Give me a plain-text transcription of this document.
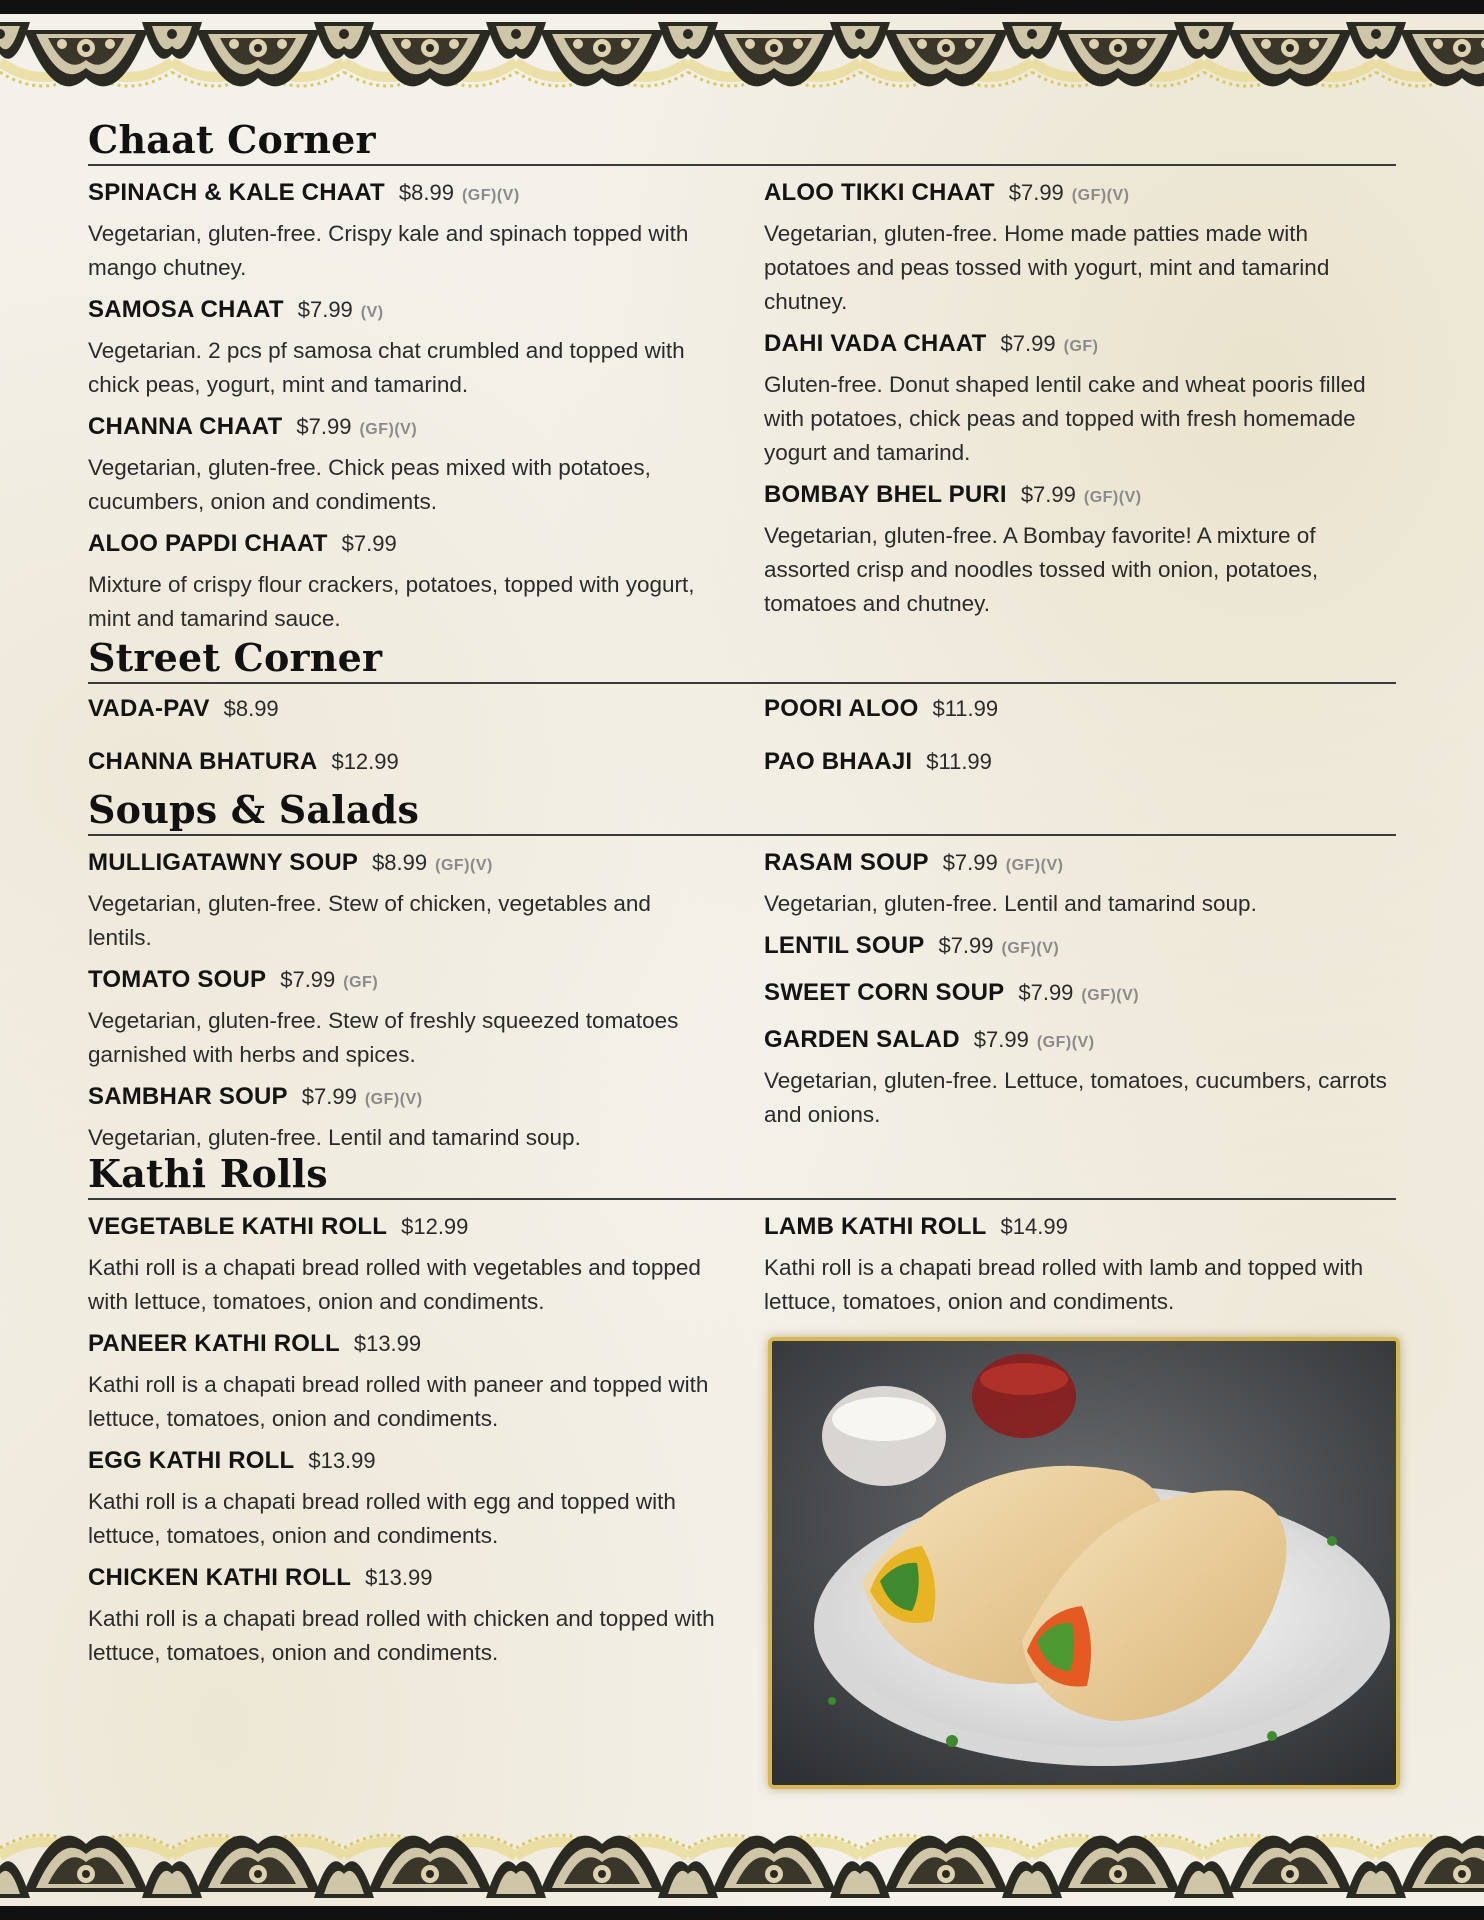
Chaat Corner
SPINACH & KALE CHAAT $8.99 (GF)(V)

Vegetarian, gluten-free. Crispy kale and spinach topped with mango chutney.

SAMOSA CHAAT $7.99 (V)

Vegetarian. 2 pcs pf samosa chat crumbled and topped with chick peas, yogurt, mint and tamarind.

CHANNA CHAAT $7.99 (GF)(V)

Vegetarian, gluten-free. Chick peas mixed with potatoes, cucumbers, onion and condiments.

ALOO PAPDI CHAAT $7.99

Mixture of crispy flour crackers, potatoes, topped with yogurt, mint and tamarind sauce.

ALOO TIKKI CHAAT $7.99 (GF)(V)

Vegetarian, gluten-free. Home made patties made with potatoes and peas tossed with yogurt, mint and tamarind chutney.

DAHI VADA CHAAT $7.99 (GF)

Gluten-free. Donut shaped lentil cake and wheat pooris filled with potatoes, chick peas and topped with fresh homemade yogurt and tamarind.

BOMBAY BHEL PURI $7.99 (GF)(V)

Vegetarian, gluten-free. A Bombay favorite! A mixture of assorted crisp and noodles tossed with onion, potatoes, tomatoes and chutney.

Street Corner
VADA-PAV $8.99
CHANNA BHATURA $12.99
POORI ALOO $11.99
PAO BHAAJI $11.99
Soups & Salads
MULLIGATAWNY SOUP $8.99 (GF)(V)

Vegetarian, gluten-free. Stew of chicken, vegetables and lentils.

TOMATO SOUP $7.99 (GF)

Vegetarian, gluten-free. Stew of freshly squeezed tomatoes garnished with herbs and spices.

SAMBHAR SOUP $7.99 (GF)(V)

Vegetarian, gluten-free. Lentil and tamarind soup.

RASAM SOUP $7.99 (GF)(V)

Vegetarian, gluten-free. Lentil and tamarind soup.

LENTIL SOUP $7.99 (GF)(V)
SWEET CORN SOUP $7.99 (GF)(V)
GARDEN SALAD $7.99 (GF)(V)

Vegetarian, gluten-free. Lettuce, tomatoes, cucumbers, carrots and onions.

Kathi Rolls
VEGETABLE KATHI ROLL $12.99

Kathi roll is a chapati bread rolled with vegetables and topped with lettuce, tomatoes, onion and condiments.

PANEER KATHI ROLL $13.99

Kathi roll is a chapati bread rolled with paneer and topped with lettuce, tomatoes, onion and condiments.

EGG KATHI ROLL $13.99

Kathi roll is a chapati bread rolled with egg and topped with lettuce, tomatoes, onion and condiments.

CHICKEN KATHI ROLL $13.99

Kathi roll is a chapati bread rolled with chicken and topped with lettuce, tomatoes, onion and condiments.

LAMB KATHI ROLL $14.99

Kathi roll is a chapati bread rolled with lamb and topped with lettuce, tomatoes, onion and condiments.
